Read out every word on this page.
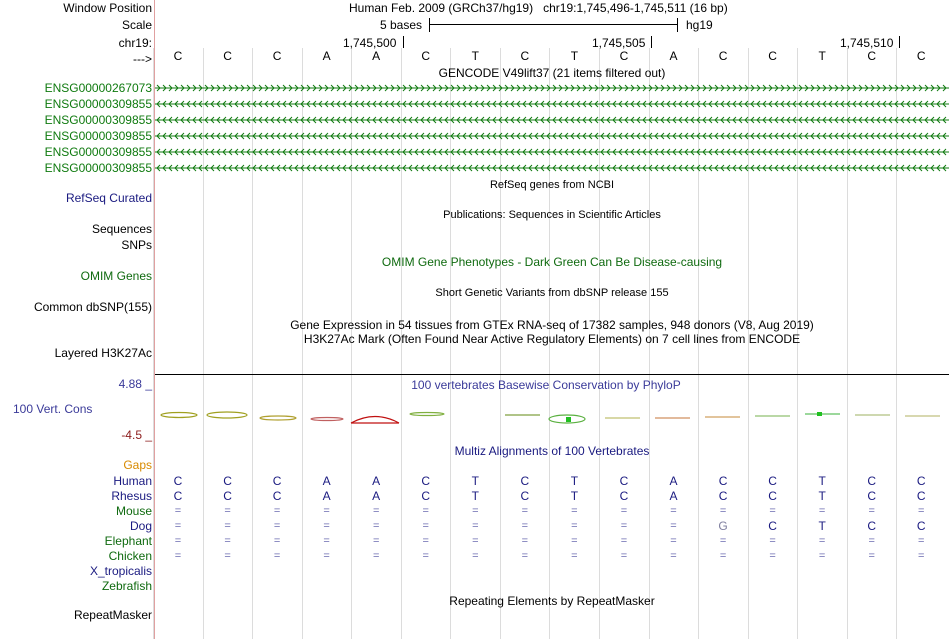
Window Position
Scale
chr19:
--->
Human Feb. 2009 (GRCh37/hg19) chr19:1,745,496-1,745,511 (16 bp)
5 bases	hg19
1,745,500	1,745,505	1,745,510
C	C	C	A	A	C	T	C	T	C	A	C	C	T	C	C
GENCODE V49lift37 (21 items filtered out)
ENSG00000267073
ENSG00000309855
ENSG00000309855
ENSG00000309855
ENSG00000309855
ENSG00000309855
RefSeq genes from NCBI
RefSeq Curated
Publications: Sequences in Scientific Articles
Sequences
SNPs
OMIM Gene Phenotypes - Dark Green Can Be Disease-causing
OMIM Genes
Short Genetic Variants from dbSNP release 155
Common dbSNP(155)
Gene Expression in 54 tissues from GTEx RNA-seq of 17382 samples, 948 donors (V8, Aug 2019)
H3K27Ac Mark (Often Found Near Active Regulatory Elements) on 7 cell lines from ENCODE
Layered H3K27Ac
100 vertebrates Basewise Conservation by PhyloP
4.88 _
100 Vert. Cons
-4.5 _
Multiz Alignments of 100 Vertebrates
Gaps
Human	C	C	C	A	A	C	T	C	T	C	A	C	C	T	C	C
Rhesus	C	C	C	A	A	C	T	C	T	C	A	C	C	T	C	C
Mouse	=	=	=	=	=	=	=	=	=	=	=	=	=	=	=	=
Dog	=	=	=	=	=	=	=	=	=	=	=	G	C	T	C	C
Elephant	=	=	=	=	=	=	=	=	=	=	=	=	=	=	=	=
Chicken	=	=	=	=	=	=	=	=	=	=	=	=	=	=	=	=
X_tropicalis
Zebrafish
Repeating Elements by RepeatMasker
RepeatMasker
